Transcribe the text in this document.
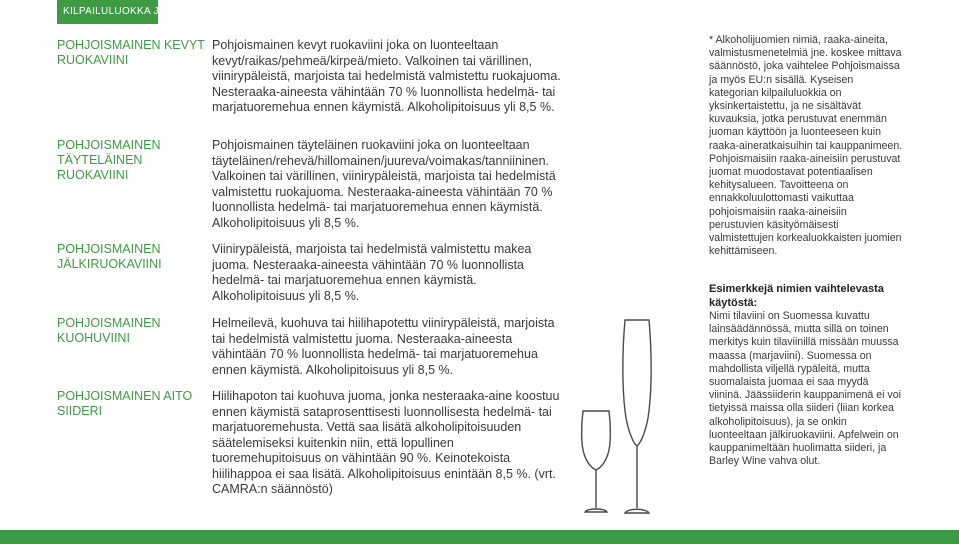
KILPAILULUOKKA JA SELITE

POHJOISMAINEN KEVYT RUOKAVIINI

Pohjoismainen kevyt ruokaviini joka on luonteeltaan kevyt/raikas/pehmeä/kirpeä/mieto. Valkoinen tai värillinen, viinirypäleistä, marjoista tai hedelmistä valmistettu ruokajuoma. Nesteraaka-aineesta vähintään 70 % luonnollista hedelmä- tai marjatuoremehua ennen käymistä. Alkoholipitoisuus yli 8,5 %.

POHJOISMAINEN TÄYTELÄINEN RUOKAVIINI

Pohjoismainen täyteläinen ruokaviini joka on luonteeltaan täyteläinen/rehevä/hillomainen/juureva/voimakas/tanniininen. Valkoinen tai värillinen, viinirypäleistä, marjoista tai hedelmistä valmistettu ruokajuoma. Nesteraaka-aineesta vähintään 70 % luonnollista hedelmä- tai marjatuoremehua ennen käymistä. Alkoholipitoisuus yli 8,5 %.

POHJOISMAINEN JÄLKIRUOKAVIINI

Viinirypäleistä, marjoista tai hedelmistä valmistettu makea juoma. Nesteraaka-aineesta vähintään 70 % luonnollista hedelmä- tai marjatuoremehua ennen käymistä. Alkoholipitoisuus yli 8,5 %.

POHJOISMAINEN KUOHUVIINI

Helmeilevä, kuohuva tai hiilihapotettu viinirypäleistä, marjoista tai hedelmistä valmistettu juoma. Nesteraaka-aineesta vähintään 70 % luonnollista hedelmä- tai marjatuoremehua ennen käymistä. Alkoholipitoisuus yli 8,5 %.

POHJOISMAINEN AITO SIIDERI

Hiilihapoton tai kuohuva juoma, jonka nesteraaka-aine koostuu ennen käymistä sataprosenttisesti luonnollisesta hedelmä- tai marjatuoremehusta. Vettä saa lisätä alkoholipitoisuuden säätelemiseksi kuitenkin niin, että lopullinen tuoremehupitoisuus on vähintään 90 %. Keinotekoista hiilihappoa ei saa lisätä. Alkoholipitoisuus enintään 8,5 %. (vrt. CAMRA:n säännöstö)

* Alkoholijuomien nimiä, raaka-aineita, valmistusmenetelmiä jne. koskee mittava säännöstö, joka vaihtelee Pohjoismaissa ja myös EU:n sisällä. Kyseisen kategorian kilpailuluokkia on yksinkertaistettu, ja ne sisältävät kuvauksia, jotka perustuvat enemmän juoman käyttöön ja luonteeseen kuin raaka-aineratkaisuihin tai kauppanimeen. Pohjoismaisiin raaka-aineisiin perustuvat juomat muodostavat potentiaalisen kehitysalueen. Tavoitteena on ennakkoluulottomasti vaikuttaa pohjoismaisiin raaka-aineisiin perustuvien käsityömäisesti valmistettujen korkealuokkaisten juomien kehittämiseen.

Esimerkkejä nimien vaihtelevasta käytöstä:

Nimi tilaviini on Suomessa kuvattu lainsäädännössä, mutta sillä on toinen merkitys kuin tilaviinillä missään muussa maassa (marjaviini). Suomessa on mahdollista viljellä rypäleitä, mutta suomalaista juomaa ei saa myydä viininä. Jäässiiderin kauppanimenä ei voi tietyissä maissa olla siideri (liian korkea alkoholipitoisuus), ja se onkin luonteeltaan jälkiruokaviini. Apfelwein on kauppanimeltään huolimatta siideri, ja Barley Wine vahva olut.
